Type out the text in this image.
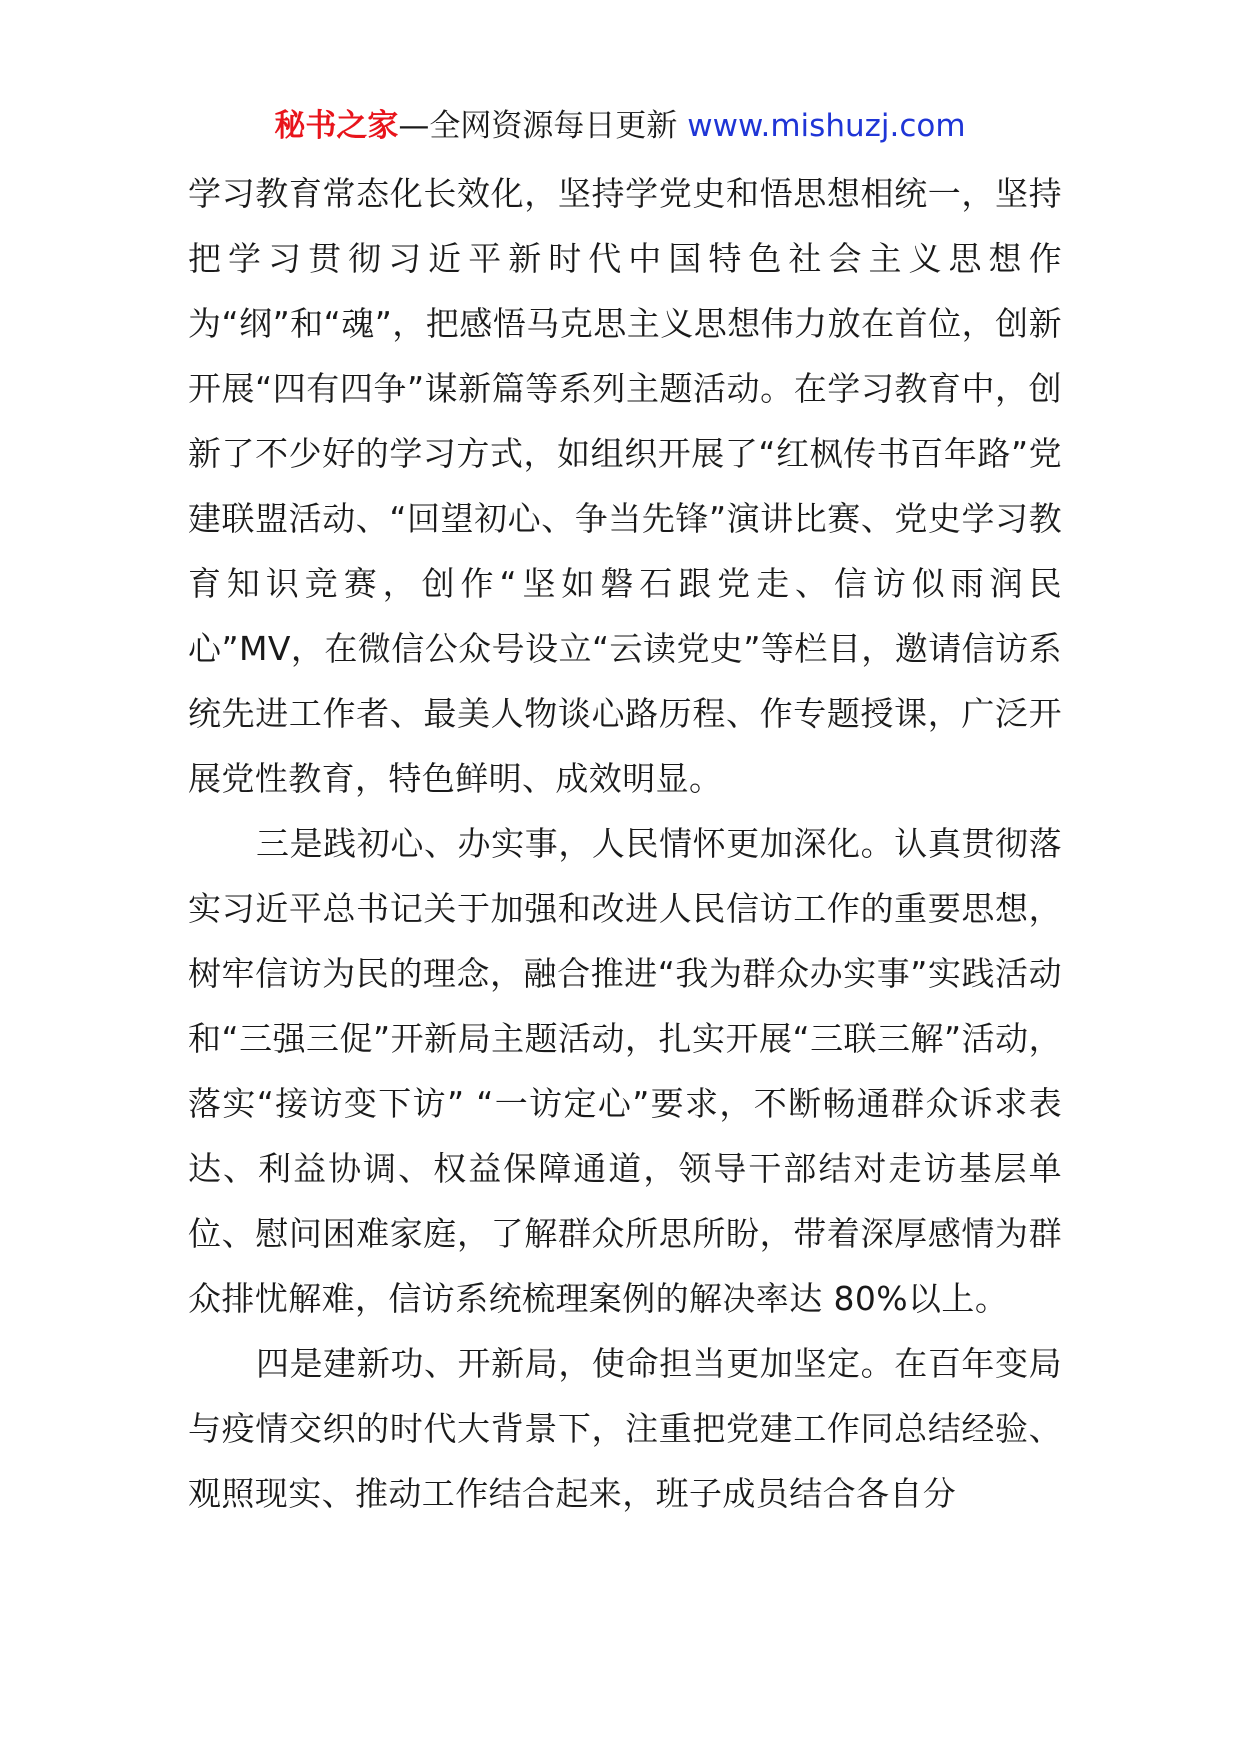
秘书之家—全网资源每日更新 www.mishuzj.com

学习教育常态化长效化，坚持学党史和悟思想相统一，坚持把学习贯彻习近平新时代中国特色社会主义思想作为“纲”和“魂”，把感悟马克思主义思想伟力放在首位，创新开展“四有四争”谋新篇等系列主题活动。在学习教育中，创新了不少好的学习方式，如组织开展了“红枫传书百年路”党建联盟活动、“回望初心、争当先锋”演讲比赛、党史学习教育知识竞赛，创作“坚如磐石跟党走、信访似雨润民心”MV，在微信公众号设立“云读党史”等栏目，邀请信访系统先进工作者、最美人物谈心路历程、作专题授课，广泛开展党性教育，特色鲜明、成效明显。

三是践初心、办实事，人民情怀更加深化。认真贯彻落实习近平总书记关于加强和改进人民信访工作的重要思想，树牢信访为民的理念，融合推进“我为群众办实事”实践活动和“三强三促”开新局主题活动，扎实开展“三联三解”活动，落实“接访变下访” “一访定心”要求，不断畅通群众诉求表达、利益协调、权益保障通道，领导干部结对走访基层单位、慰问困难家庭，了解群众所思所盼，带着深厚感情为群众排忧解难，信访系统梳理案例的解决率达 80%以上。

四是建新功、开新局，使命担当更加坚定。在百年变局与疫情交织的时代大背景下，注重把党建工作同总结经验、观照现实、推动工作结合起来，班子成员结合各自分
